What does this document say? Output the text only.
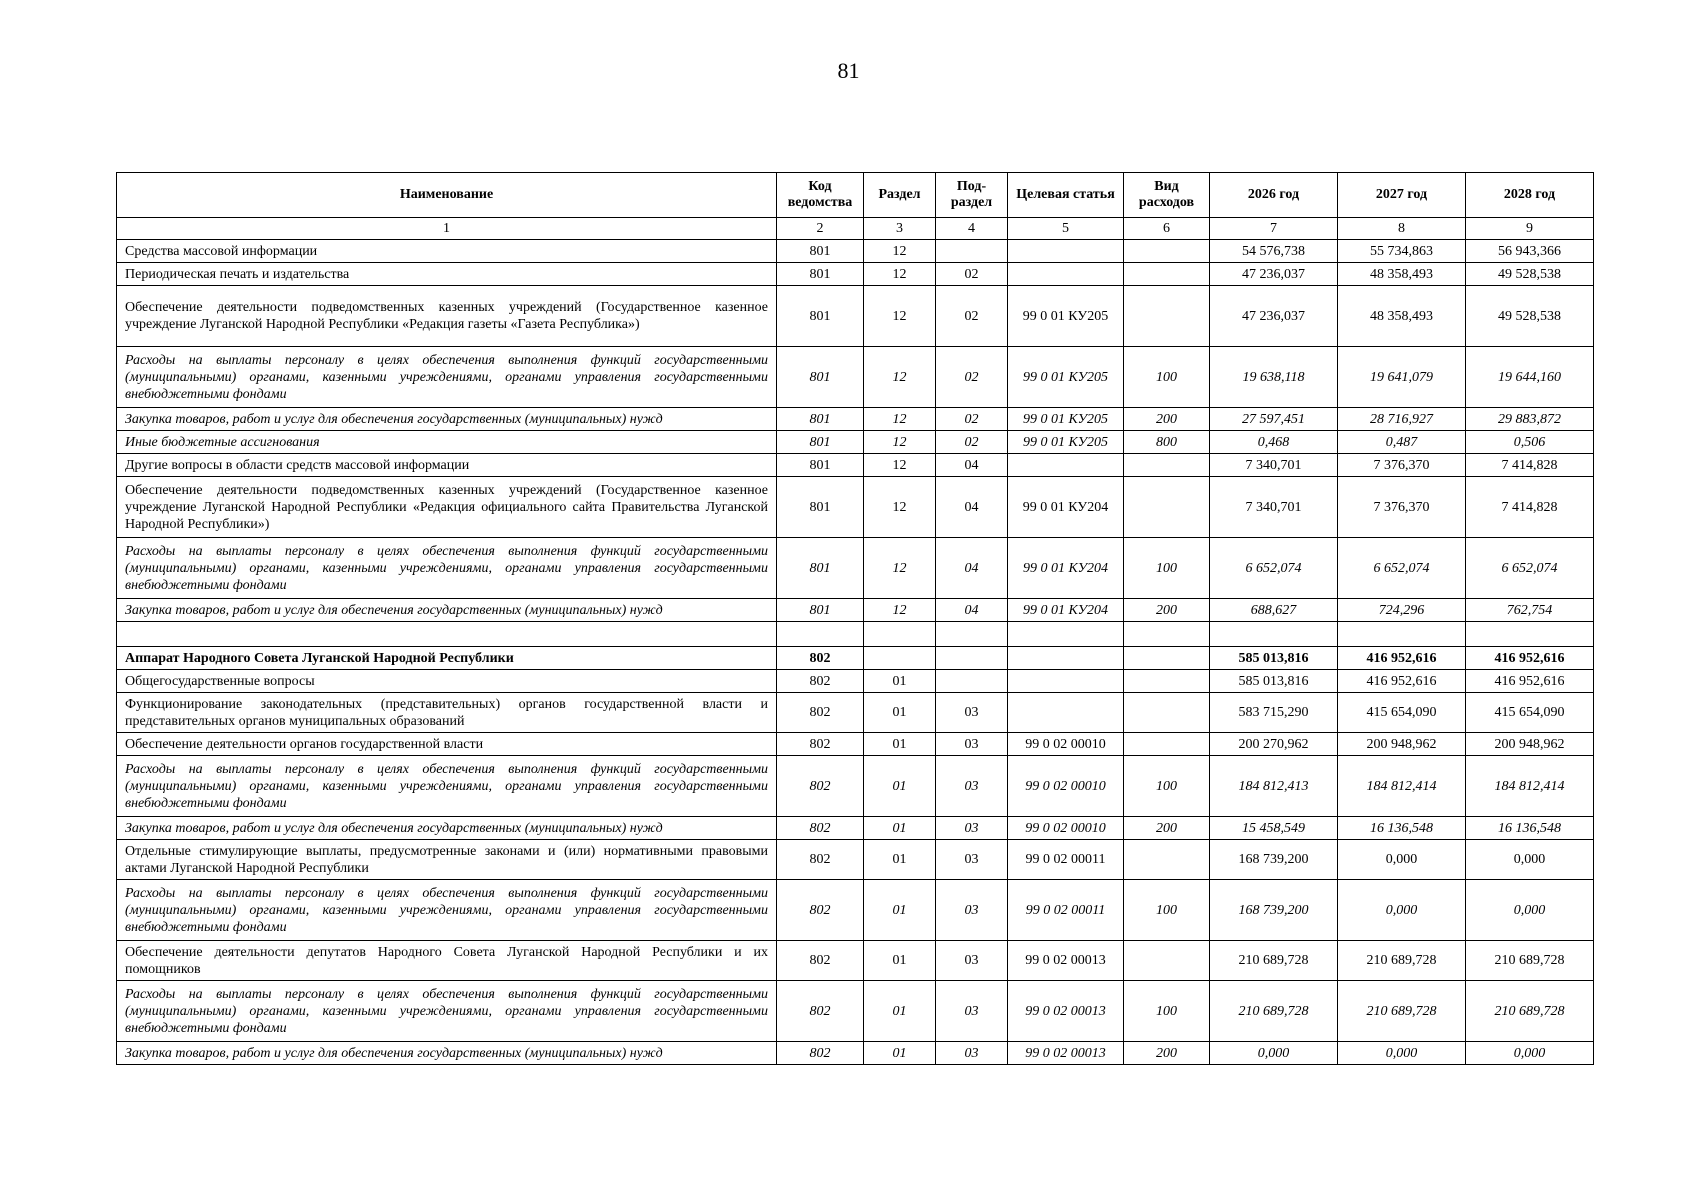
81
Наименование	Код ведомства	Раздел	Под-раздел	Целевая статья	Вид расходов	2026 год	2027 год	2028 год
1	2	3	4	5	6	7	8	9
Средства массовой информации	801	12				54 576,738	55 734,863	56 943,366
Периодическая печать и издательства	801	12	02			47 236,037	48 358,493	49 528,538
Обеспечение деятельности подведомственных казенных учреждений (Государственное казенное учреждение Луганской Народной Республики «Редакция газеты «Газета Республика»)	801	12	02	99 0 01 КУ205		47 236,037	48 358,493	49 528,538
Расходы на выплаты персоналу в целях обеспечения выполнения функций государственными (муниципальными) органами, казенными учреждениями, органами управления государственными внебюджетными фондами	801	12	02	99 0 01 КУ205	100	19 638,118	19 641,079	19 644,160
Закупка товаров, работ и услуг для обеспечения государственных (муниципальных) нужд	801	12	02	99 0 01 КУ205	200	27 597,451	28 716,927	29 883,872
Иные бюджетные ассигнования	801	12	02	99 0 01 КУ205	800	0,468	0,487	0,506
Другие вопросы в области средств массовой информации	801	12	04			7 340,701	7 376,370	7 414,828
Обеспечение деятельности подведомственных казенных учреждений (Государственное казенное учреждение Луганской Народной Республики «Редакция официального сайта Правительства Луганской Народной Республики»)	801	12	04	99 0 01 КУ204		7 340,701	7 376,370	7 414,828
Расходы на выплаты персоналу в целях обеспечения выполнения функций государственными (муниципальными) органами, казенными учреждениями, органами управления государственными внебюджетными фондами	801	12	04	99 0 01 КУ204	100	6 652,074	6 652,074	6 652,074
Закупка товаров, работ и услуг для обеспечения государственных (муниципальных) нужд	801	12	04	99 0 01 КУ204	200	688,627	724,296	762,754

Аппарат Народного Совета Луганской Народной Республики	802					585 013,816	416 952,616	416 952,616
Общегосударственные вопросы	802	01				585 013,816	416 952,616	416 952,616
Функционирование законодательных (представительных) органов государственной власти и представительных органов муниципальных образований	802	01	03			583 715,290	415 654,090	415 654,090
Обеспечение деятельности органов государственной власти	802	01	03	99 0 02 00010		200 270,962	200 948,962	200 948,962
Расходы на выплаты персоналу в целях обеспечения выполнения функций государственными (муниципальными) органами, казенными учреждениями, органами управления государственными внебюджетными фондами	802	01	03	99 0 02 00010	100	184 812,413	184 812,414	184 812,414
Закупка товаров, работ и услуг для обеспечения государственных (муниципальных) нужд	802	01	03	99 0 02 00010	200	15 458,549	16 136,548	16 136,548
Отдельные стимулирующие выплаты, предусмотренные законами и (или) нормативными правовыми актами Луганской Народной Республики	802	01	03	99 0 02 00011		168 739,200	0,000	0,000
Расходы на выплаты персоналу в целях обеспечения выполнения функций государственными (муниципальными) органами, казенными учреждениями, органами управления государственными внебюджетными фондами	802	01	03	99 0 02 00011	100	168 739,200	0,000	0,000
Обеспечение деятельности депутатов Народного Совета Луганской Народной Республики и их помощников	802	01	03	99 0 02 00013		210 689,728	210 689,728	210 689,728
Расходы на выплаты персоналу в целях обеспечения выполнения функций государственными (муниципальными) органами, казенными учреждениями, органами управления государственными внебюджетными фондами	802	01	03	99 0 02 00013	100	210 689,728	210 689,728	210 689,728
Закупка товаров, работ и услуг для обеспечения государственных (муниципальных) нужд	802	01	03	99 0 02 00013	200	0,000	0,000	0,000
